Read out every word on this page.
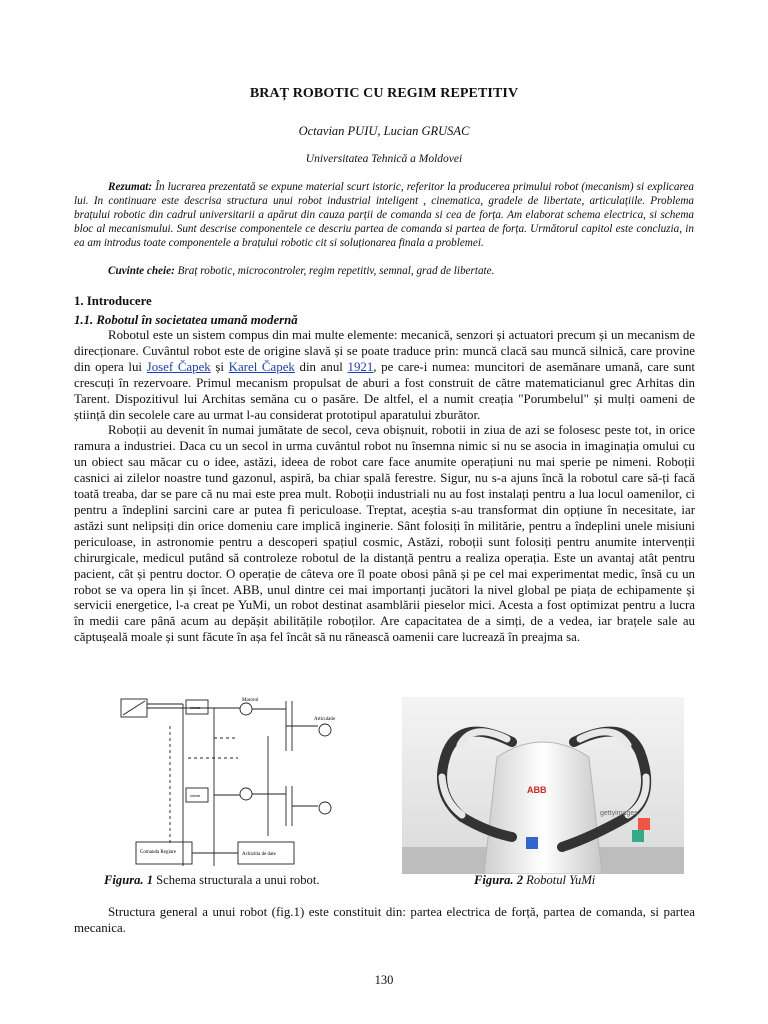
BRAȚ ROBOTIC CU REGIM REPETITIV
Octavian PUIU, Lucian GRUSAC
Universitatea Tehnică a Moldovei

Rezumat: În lucrarea prezentată se expune material scurt istoric, referitor la producerea primului robot (mecanism) si explicarea lui. In continuare este descrisa structura unui robot industrial inteligent , cinematica, gradele de libertate, articulațiile. Problema brațului robotic din cadrul universitarii a apărut din cauza parții de comanda si cea de forța. Am elaborat schema electrica, si schema bloc al mecanismului. Sunt descrise componentele ce descriu partea de comanda si partea de forța. Următorul capitol este concluzia, in ea am introdus toate componentele a brațului robotic cit si soluționarea finala a problemei.

Cuvinte cheie: Braț robotic, microcontroler, regim repetitiv, semnal, grad de libertate.
1. Introducere
1.1. Robotul în societatea umană modernă

Robotul este un sistem compus din mai multe elemente: mecanică, senzori și actuatori precum și un mecanism de direcționare. Cuvântul robot este de origine slavă și se poate traduce prin: muncă clacă sau muncă silnică, care provine din opera lui Josef Čapek și Karel Čapek din anul 1921, pe care-i numea: muncitori de asemănare umană, care sunt crescuți în rezervoare. Primul mecanism propulsat de aburi a fost construit de către matematicianul grec Arhitas din Tarent. Dispozitivul lui Architas semăna cu o pasăre. De altfel, el a numit creația "Porumbelul" și mulți oameni de știință din secolele care au urmat l-au considerat prototipul aparatului zburător.

Roboții au devenit în numai jumătate de secol, ceva obișnuit, robotii in ziua de azi se folosesc peste tot, in orice ramura a industriei. Daca cu un secol in urma cuvântul robot nu însemna nimic si nu se asocia in imaginația omului cu un obiect sau măcar cu o idee, astăzi, ideea de robot care face anumite operațiuni nu mai sperie pe nimeni. Roboții casnici ai zilelor noastre tund gazonul, aspiră, ba chiar spală ferestre. Sigur, nu s-a ajuns încă la robotul care să-ți facă toată treaba, dar se pare că nu mai este prea mult. Roboții industriali nu au fost instalați pentru a lua locul oamenilor, ci pentru a îndeplini sarcini care ar putea fi periculoase. Treptat, aceștia s-au transformat din opțiune în necesitate, iar astăzi sunt nelipsiți din orice domeniu care implică inginerie. Sânt folosiți în militărie, pentru a îndeplini unele misiuni periculoase, in astronomie pentru a descoperi spațiul cosmic, Astăzi, roboții sunt folosiți pentru anumite intervenții chirurgicale, medicul putând să controleze robotul de la distanță pentru a realiza operația. Este un avantaj atât pentru pacient, cât și pentru doctor. O operație de câteva ore îl poate obosi până și pe cel mai experimentat medic, însă cu un robot se va opera lin și încet. ABB, unul dintre cei mai importanți jucători la nivel global pe piața de echipamente și servicii energetice, l-a creat pe YuMi, un robot destinat asamblării pieselor mici. Acesta a fost optimizat pentru a lucra în medii care până acum au depășit abilitățile roboților. Are capacitatea de a simți, de a vedea, iar brațele sale au căptușeală moale și sunt făcute în așa fel încât să nu rănească oamenii care lucrează în preajma sa.

Motorul
Articulatie
sistem
sistem
Comanda Reglare	Achizitia de date
ABB
gettyimages
Figura. 1 Schema structurala a unui robot.	Figura. 2 Robotul YuMi

Structura general a unui robot (fig.1) este constituit din: partea electrica de forță, partea de comanda, si partea mecanica.

130
